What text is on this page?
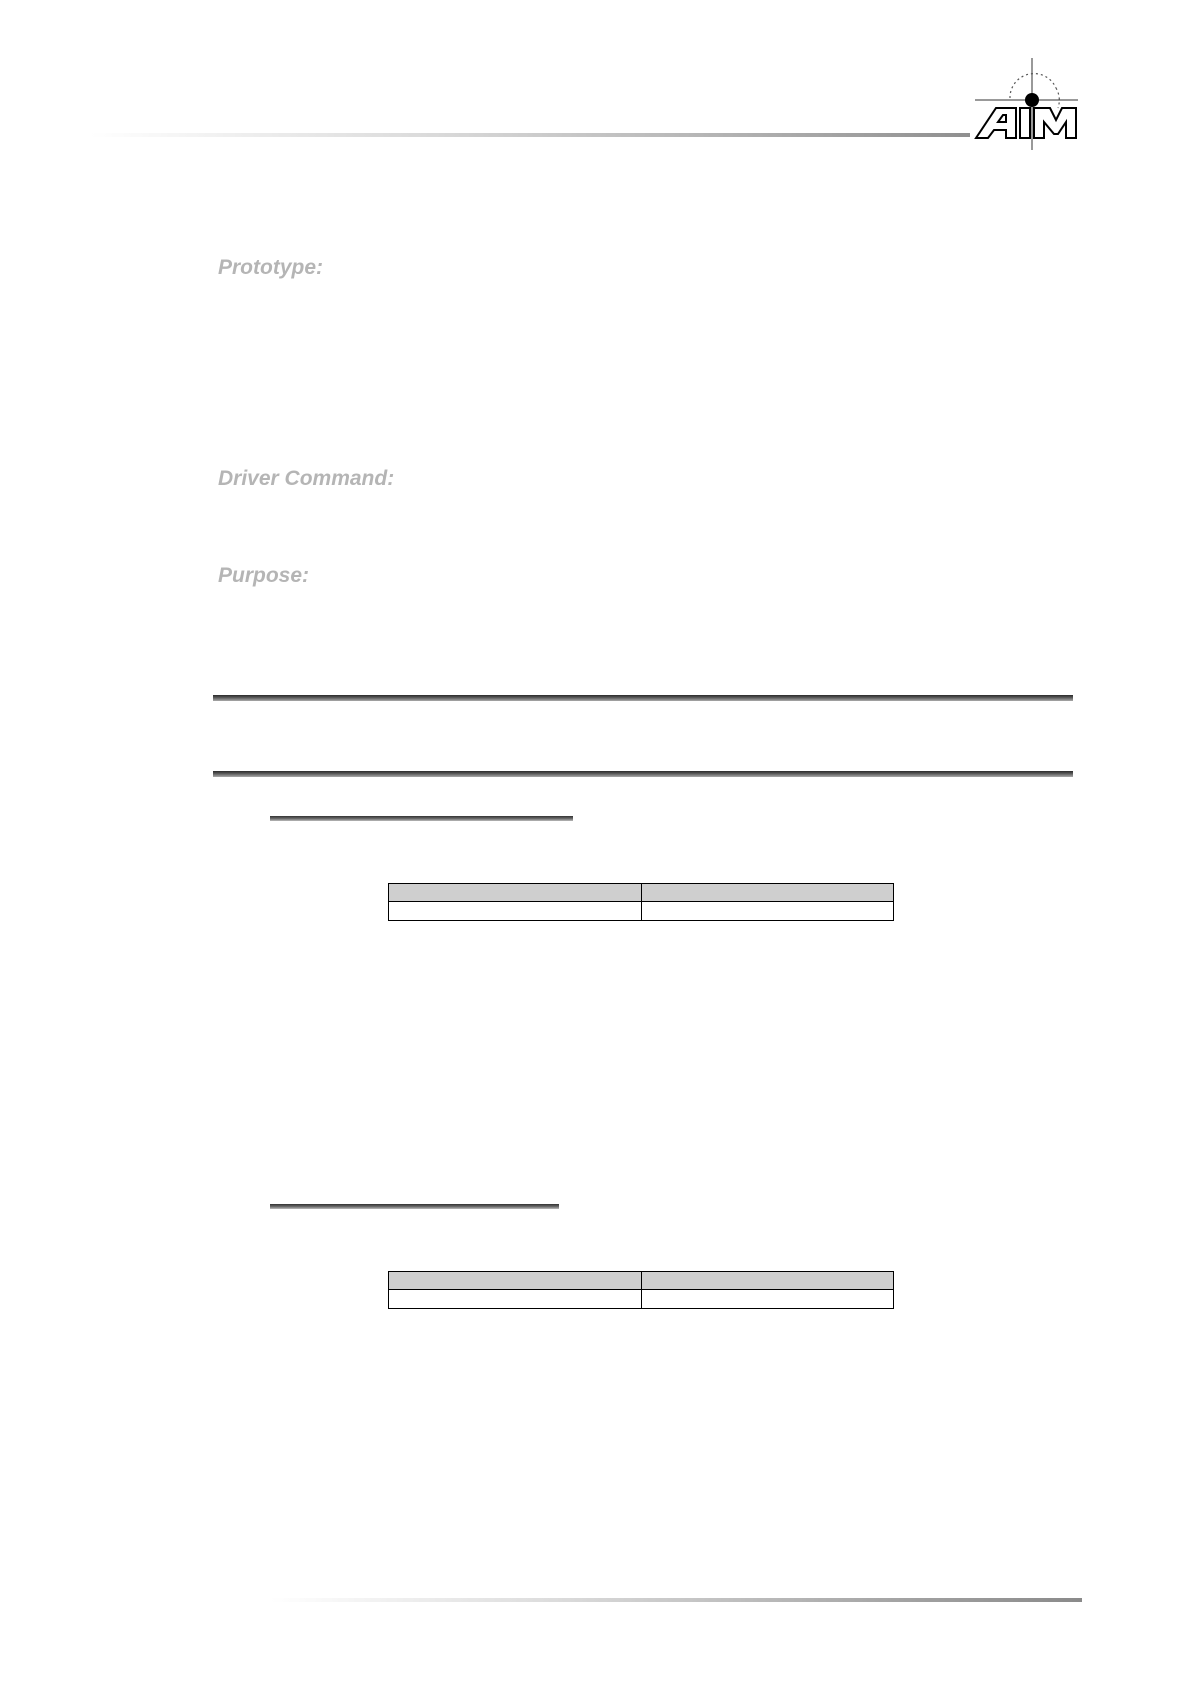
Prototype:

Driver Command:

Purpose:
